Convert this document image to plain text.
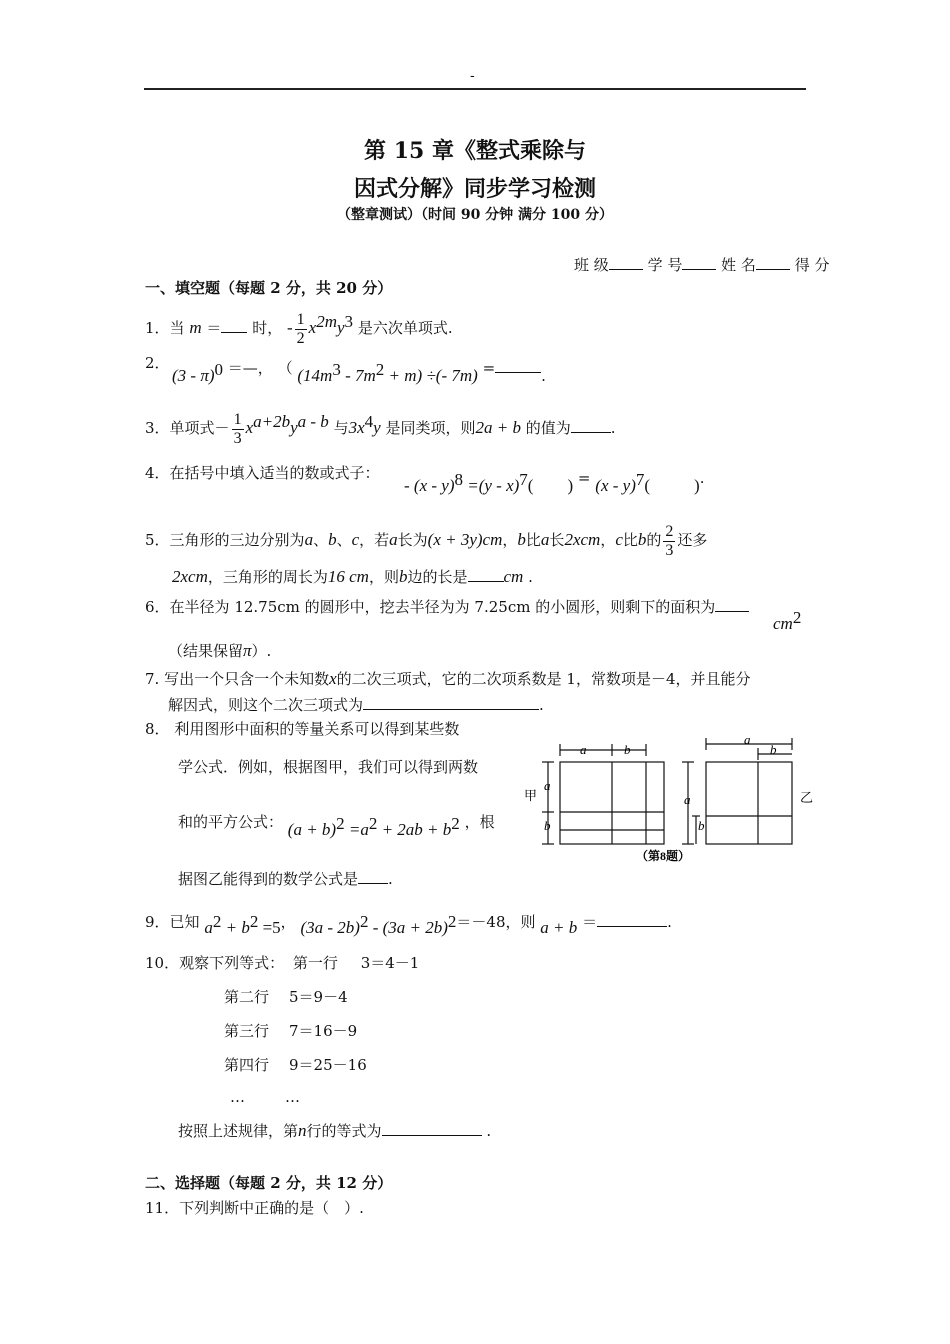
-
第 15 章《整式乘除与
因式分解》同步学习检测
（整章测试）（时间 90 分钟 满分 100 分）
班 级	学 号	姓 名	得 分
一、填空题（每题 2 分，共 20 分）
1．当 m ＝ 时， - $\frac{1}{2} x^{2m}y^3$ 是六次单项式.
2．
(3 - π)$^0$ ＝—， （ $(14m^3 - 7m^2 + m)$ ÷(- 7m) =	.
3．单项式－ $\frac{1}{3} x^{a+2b}y^{a - b}$ 与$3x^4y$ 是同类项，则2a + b 的值为	.
4．在括号中填入适当的数或式子：
- (x - y)$^8$ =(y - x)$^7$( ) = (x - y)$^7$(	).
5．三角形的三边分别为a、b、c，若a长为(x + 3y)cm，b比a长2xcm，c比b的 $\frac{2}{3}$ 还多
2xcm，三角形的周长为16 cm，则b边的长是 cm .
6．在半径为 12.75cm 的圆形中，挖去半径为为 7.25cm 的小圆形，则剩下的面积为
$cm^2$
（结果保留π）.
7. 写出一个只含一个未知数x的二次三项式，它的二次项系数是 1，常数项是－4，并且能分
解因式，则这个二次三项式为	.
8． 利用图形中面积的等量关系可以得到某些数
学公式．例如，根据图甲，我们可以得到两数
和的平方公式： $(a + b)^2 =a^2 + 2ab + b^2$ ，根
据图乙能得到的数学公式是 .
a	b
a
b
甲
a
b
a
b
乙
（第8题）
9．已知 $a^2 + b^2 =5$， $(3a - 2b)^2 - (3a + 2b)^2=-48$，则 a + b ＝	.
10．观察下列等式： 第一行 3＝4－1
第二行 5＝9－4
第三行 7＝16－9
第四行 9＝25－16
…	…
按照上述规律，第n行的等式为	.
二、选择题（每题 2 分，共 12 分）
11．下列判断中正确的是（　）.
